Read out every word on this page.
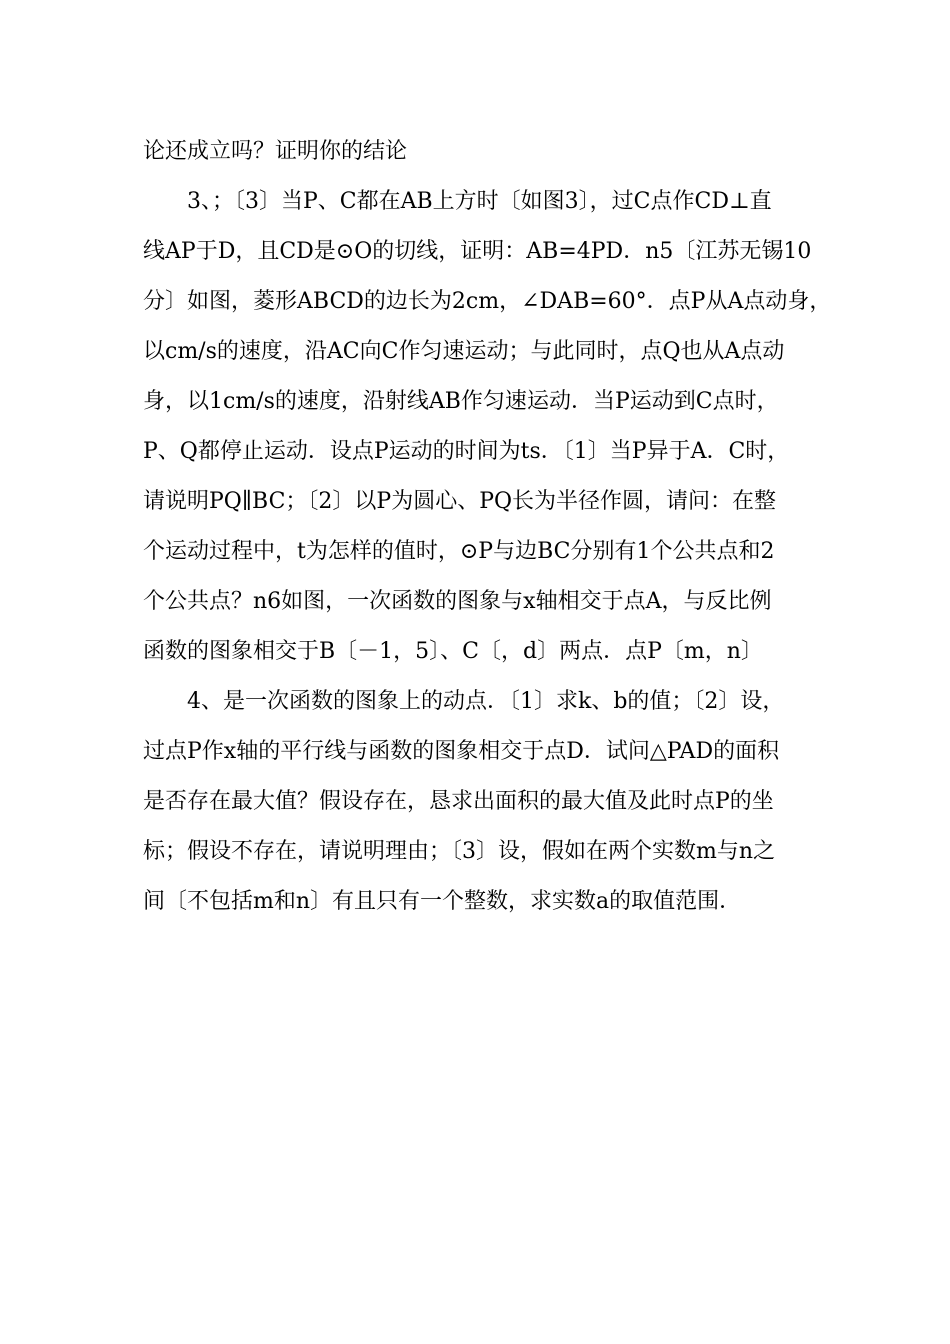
论还成立吗？证明你的结论
3、；〔3〕当P、C都在AB上方时〔如图3〕，过C点作CD⊥直
线AP于D，且CD是⊙O的切线，证明：AB=4PD．n5〔江苏无锡10
分〕如图，菱形ABCD的边长为2cm，∠DAB=60°．点P从A点动身，
以cm/s的速度，沿AC向C作匀速运动；与此同时，点Q也从A点动
身，以1cm/s的速度，沿射线AB作匀速运动．当P运动到C点时，
P、Q都停止运动．设点P运动的时间为ts．〔1〕当P异于A．C时，
请说明PQ∥BC；〔2〕以P为圆心、PQ长为半径作圆，请问：在整
个运动过程中，t为怎样的值时，⊙P与边BC分别有1个公共点和2
个公共点？n6如图，一次函数的图象与x轴相交于点A，与反比例
函数的图象相交于B〔－1，5〕、C〔，d〕两点．点P〔m，n〕
4、是一次函数的图象上的动点．〔1〕求k、b的值；〔2〕设，
过点P作x轴的平行线与函数的图象相交于点D．试问△PAD的面积
是否存在最大值？假设存在，恳求出面积的最大值及此时点P的坐
标；假设不存在，请说明理由；〔3〕设，假如在两个实数m与n之
间〔不包括m和n〕有且只有一个整数，求实数a的取值范围．
